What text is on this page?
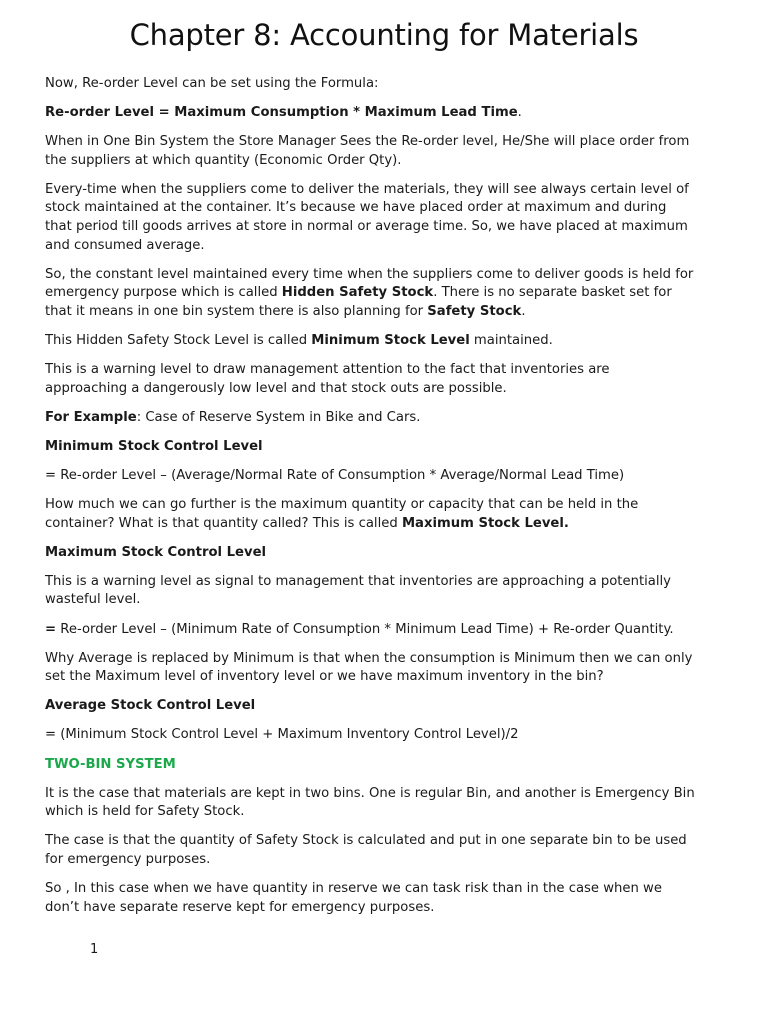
Chapter 8: Accounting for Materials

Now, Re-order Level can be set using the Formula:

Re-order Level = Maximum Consumption * Maximum Lead Time.

When in One Bin System the Store Manager Sees the Re-order level, He/She will place order from the suppliers at which quantity (Economic Order Qty).

Every-time when the suppliers come to deliver the materials, they will see always certain level of stock maintained at the container. It’s because we have placed order at maximum and during that period till goods arrives at store in normal or average time. So, we have placed at maximum and consumed average.

So, the constant level maintained every time when the suppliers come to deliver goods is held for emergency purpose which is called Hidden Safety Stock. There is no separate basket set for that it means in one bin system there is also planning for Safety Stock.

This Hidden Safety Stock Level is called Minimum Stock Level maintained.

This is a warning level to draw management attention to the fact that inventories are approaching a dangerously low level and that stock outs are possible.

For Example: Case of Reserve System in Bike and Cars.

Minimum Stock Control Level

= Re-order Level – (Average/Normal Rate of Consumption * Average/Normal Lead Time)

How much we can go further is the maximum quantity or capacity that can be held in the container? What is that quantity called? This is called Maximum Stock Level.

Maximum Stock Control Level

This is a warning level as signal to management that inventories are approaching a potentially wasteful level.

= Re-order Level – (Minimum Rate of Consumption * Minimum Lead Time) + Re-order Quantity.

Why Average is replaced by Minimum is that when the consumption is Minimum then we can only set the Maximum level of inventory level or we have maximum inventory in the bin?

Average Stock Control Level

= (Minimum Stock Control Level + Maximum Inventory Control Level)/2

TWO-BIN SYSTEM

It is the case that materials are kept in two bins. One is regular Bin, and another is Emergency Bin which is held for Safety Stock.

The case is that the quantity of Safety Stock is calculated and put in one separate bin to be used for emergency purposes.

So , In this case when we have quantity in reserve we can task risk than in the case when we don’t have separate reserve kept for emergency purposes.

1
